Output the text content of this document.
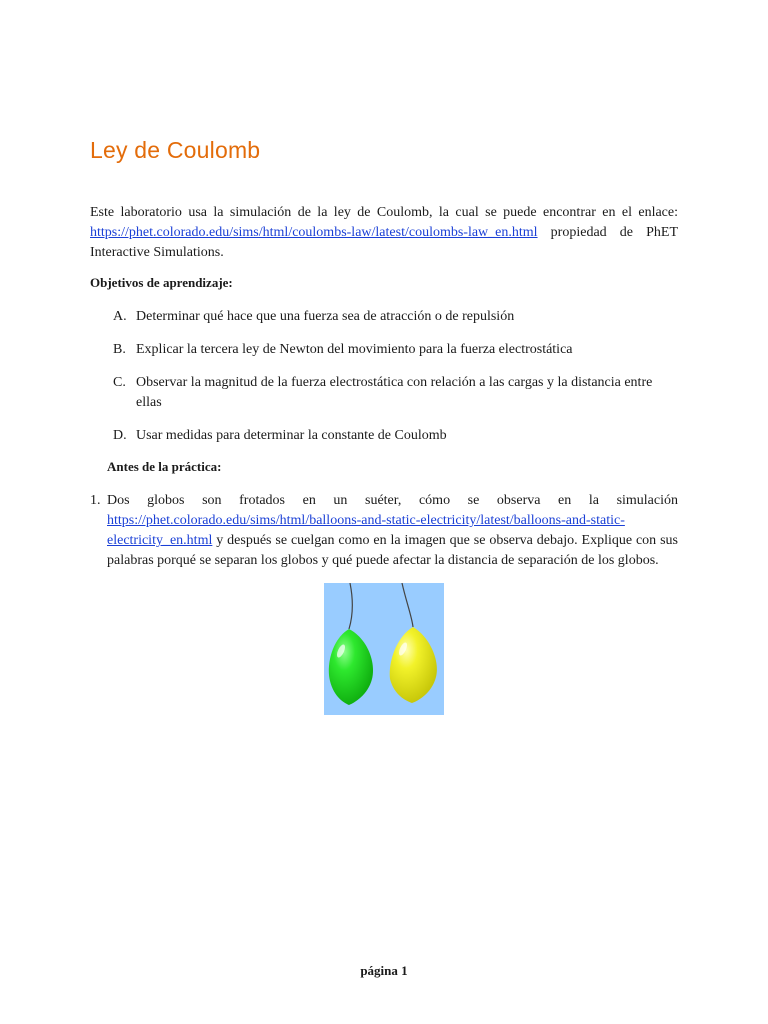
Ley de Coulomb
Este laboratorio usa la simulación de la ley de Coulomb, la cual se puede encontrar en el enlace: https://phet.colorado.edu/sims/html/coulombs-law/latest/coulombs-law_en.html propiedad de PhET Interactive Simulations.
Objetivos de aprendizaje:
A. Determinar qué hace que una fuerza sea de atracción o de repulsión
B. Explicar la tercera ley de Newton del movimiento para la fuerza electrostática
C. Observar la magnitud de la fuerza electrostática con relación a las cargas y la distancia entre ellas
D. Usar medidas para determinar la constante de Coulomb
Antes de la práctica:
1. Dos globos son frotados en un suéter, cómo se observa en la simulación https://phet.colorado.edu/sims/html/balloons-and-static-electricity/latest/balloons-and-static-electricity_en.html y después se cuelgan como en la imagen que se observa debajo. Explique con sus palabras porqué se separan los globos y qué puede afectar la distancia de separación de los globos.
página 1
